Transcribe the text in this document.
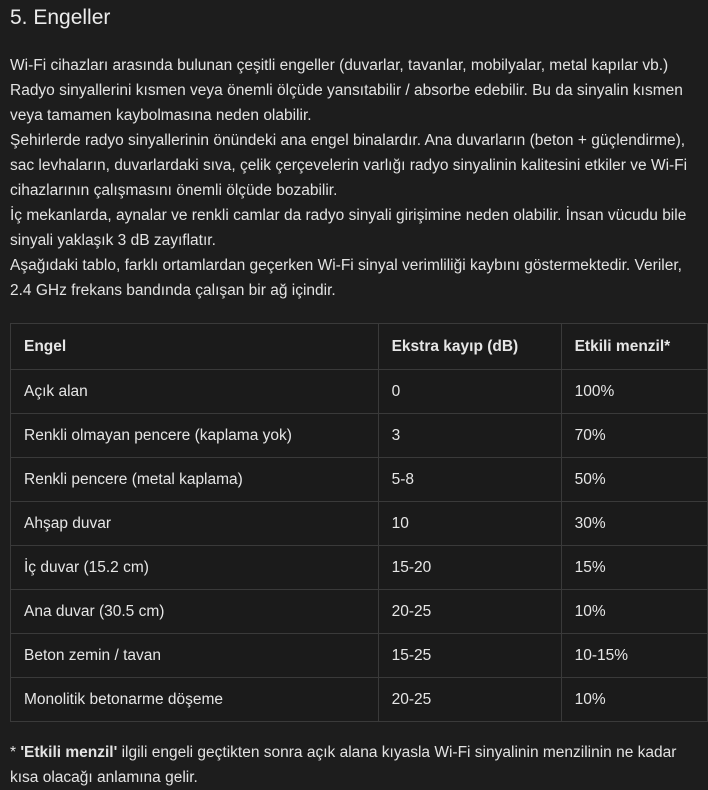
5. Engeller

Wi-Fi cihazları arasında bulunan çeşitli engeller (duvarlar, tavanlar, mobilyalar, metal kapılar vb.) Radyo sinyallerini kısmen veya önemli ölçüde yansıtabilir / absorbe edebilir. Bu da sinyalin kısmen veya tamamen kaybolmasına neden olabilir.

Şehirlerde radyo sinyallerinin önündeki ana engel binalardır. Ana duvarların (beton + güçlendirme), sac levhaların, duvarlardaki sıva, çelik çerçevelerin varlığı radyo sinyalinin kalitesini etkiler ve Wi-Fi cihazlarının çalışmasını önemli ölçüde bozabilir.

İç mekanlarda, aynalar ve renkli camlar da radyo sinyali girişimine neden olabilir. İnsan vücudu bile sinyali yaklaşık 3 dB zayıflatır.

Aşağıdaki tablo, farklı ortamlardan geçerken Wi-Fi sinyal verimliliği kaybını göstermektedir. Veriler, 2.4 GHz frekans bandında çalışan bir ağ içindir.

Engel	Ekstra kayıp (dB)	Etkili menzil*
Açık alan	0	100%
Renkli olmayan pencere (kaplama yok)	3	70%
Renkli pencere (metal kaplama)	5-8	50%
Ahşap duvar	10	30%
İç duvar (15.2 cm)	15-20	15%
Ana duvar (30.5 cm)	20-25	10%
Beton zemin / tavan	15-25	10-15%
Monolitik betonarme döşeme	20-25	10%

* 'Etkili menzil' ilgili engeli geçtikten sonra açık alana kıyasla Wi-Fi sinyalinin menzilinin ne kadar kısa olacağı anlamına gelir.
